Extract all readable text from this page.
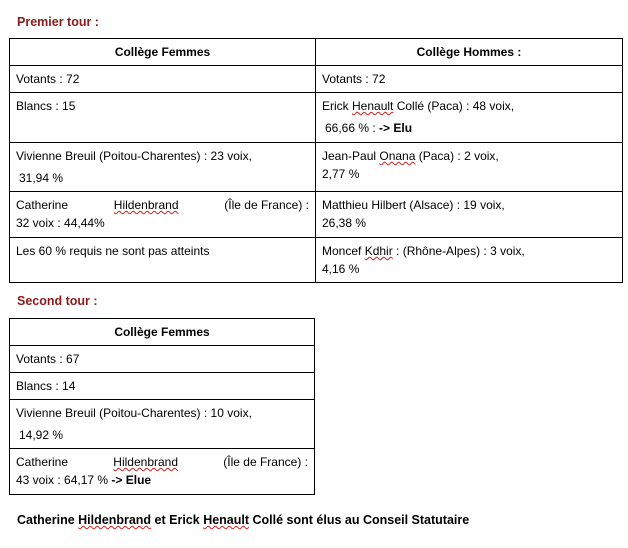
Premier tour :
Collège Femmes	Collège Hommes :
Votants : 72	Votants : 72
Blancs : 15	Erick Henault Collé (Paca) : 48 voix,
66,66 % : -> Elu

Vivienne Breuil (Poitou-Charentes) : 23 voix,
31,94 %	Jean-Paul Onana (Paca) : 2 voix,
2,77 %

Catherine Hildenbrand (Île de France) :
32 voix : 44,44%	Matthieu Hilbert (Alsace) : 19 voix,
26,38 %

Les 60 % requis ne sont pas atteints	Moncef Kdhir : (Rhône-Alpes) : 3 voix,
4,16 %
Second tour :
Collège Femmes
Votants : 67
Blancs : 14
Vivienne Breuil (Poitou-Charentes) : 10 voix,
14,92 %

Catherine	Hildenbrand	(Île de France) :
43 voix : 64,17 % -> Elue
Catherine Hildenbrand et Erick Henault Collé sont élus au Conseil Statutaire
